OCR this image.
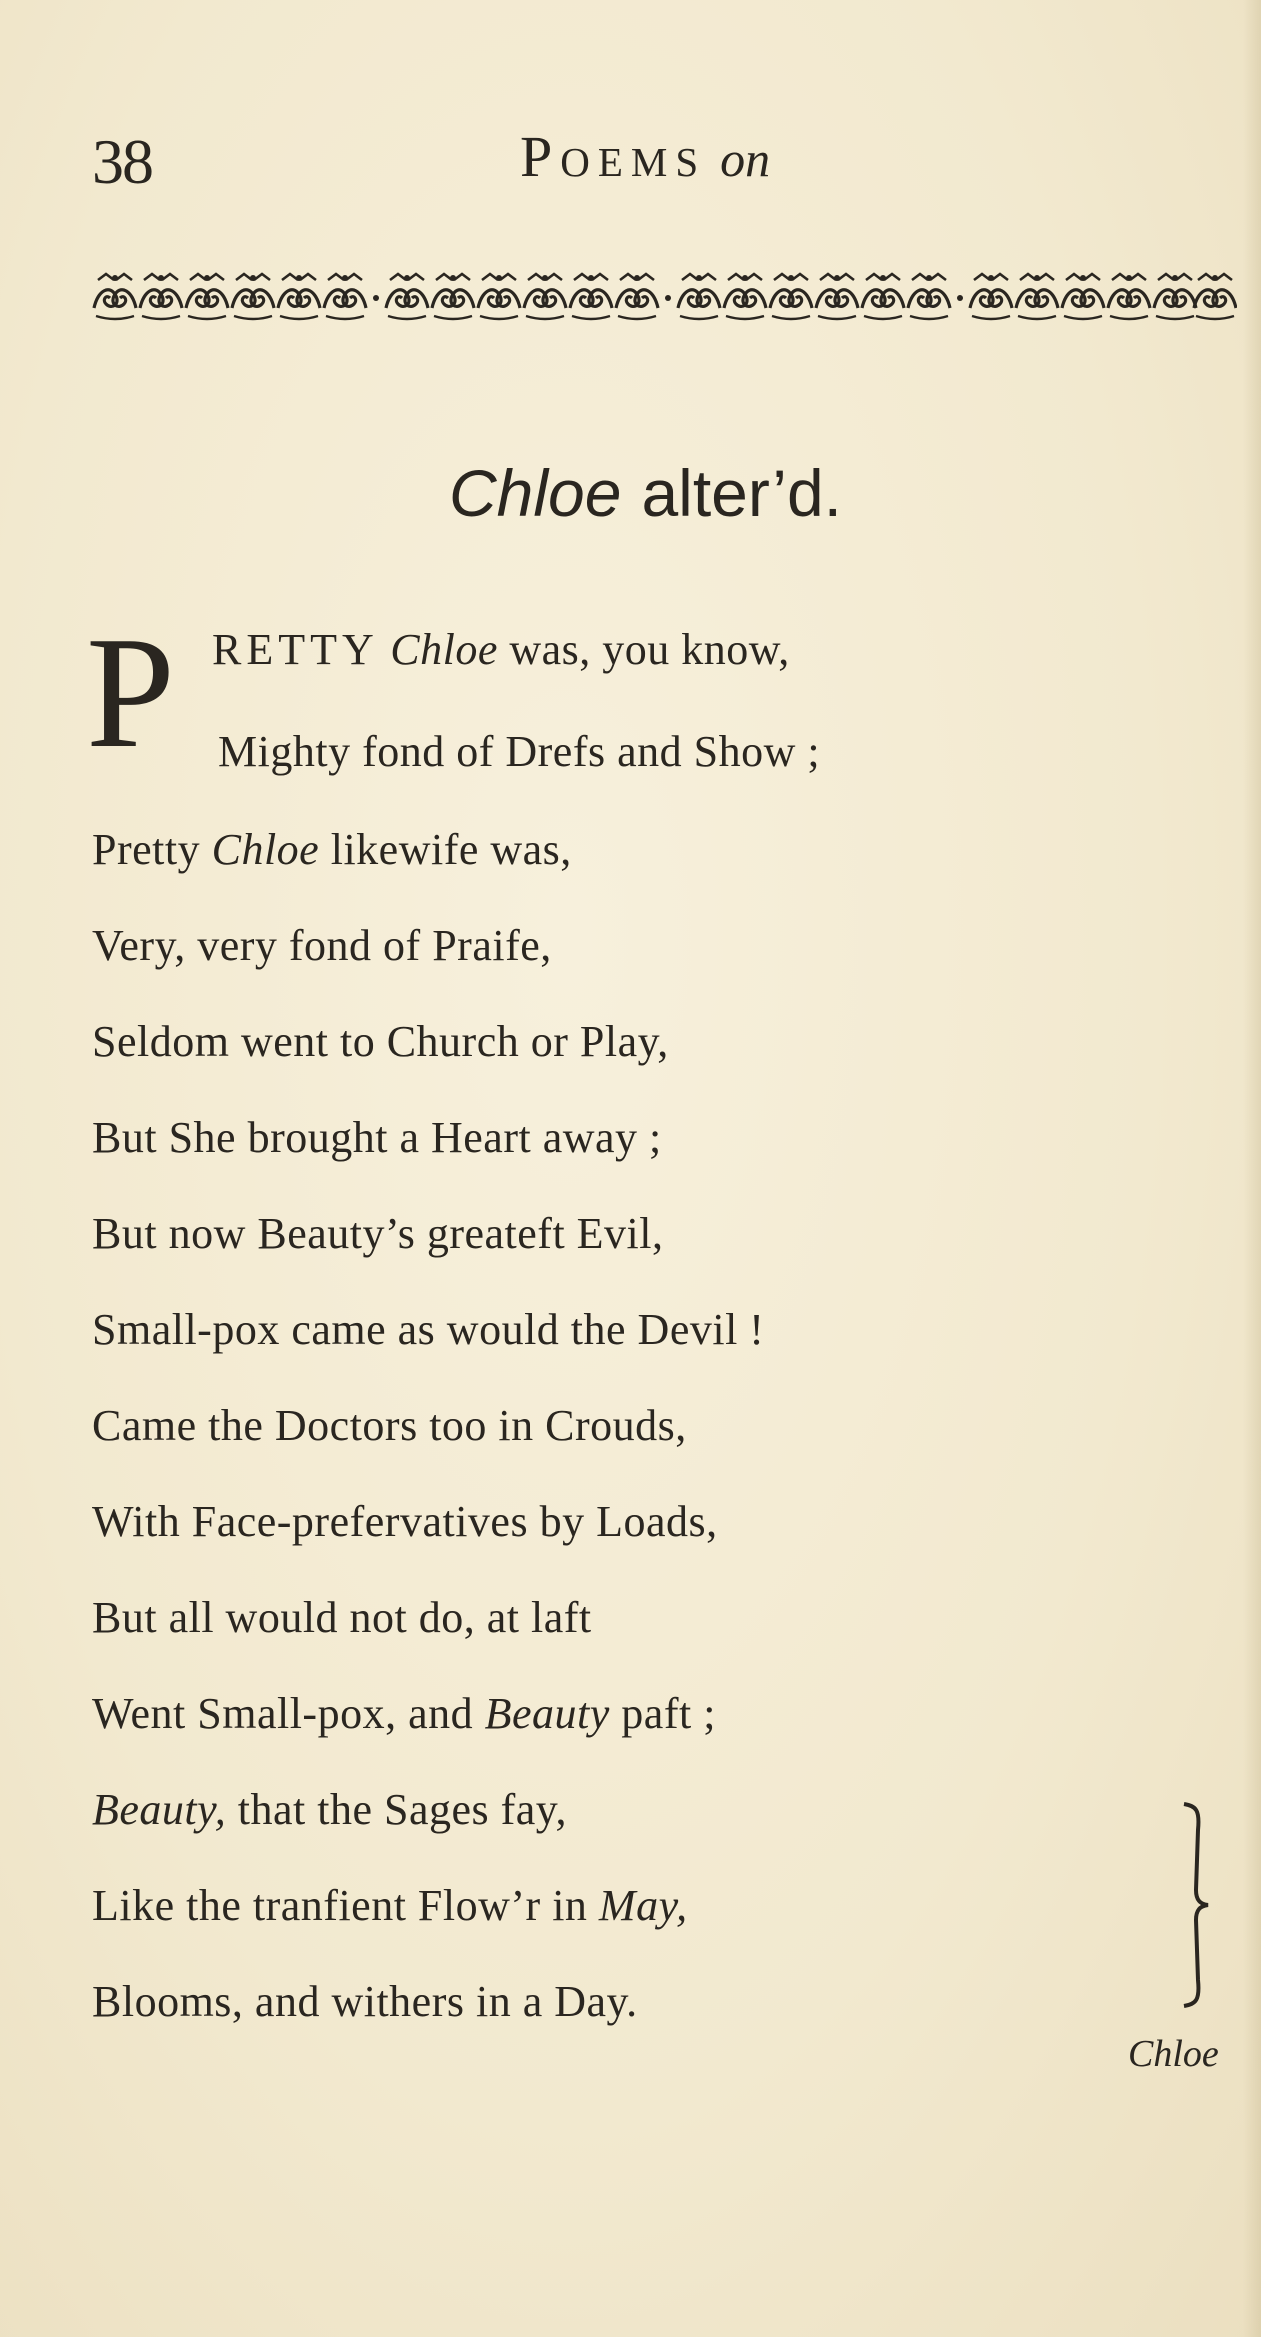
38	Poems on
Chloe alter’d.
P RETTY Chloe was, you know,
Mighty fond of Drefs and Show ;
Pretty Chloe likewife was,
Very, very fond of Praife,
Seldom went to Church or Play,
But She brought a Heart away ;
But now Beauty’s greateft Evil,
Small-pox came as would the Devil !
Came the Doctors too in Crouds,
With Face-prefervatives by Loads,
But all would not do, at laft
Went Small-pox, and Beauty paft ;
Beauty, that the Sages fay,
Like the tranfient Flow’r in May,
Blooms, and withers in a Day.
Chloe
